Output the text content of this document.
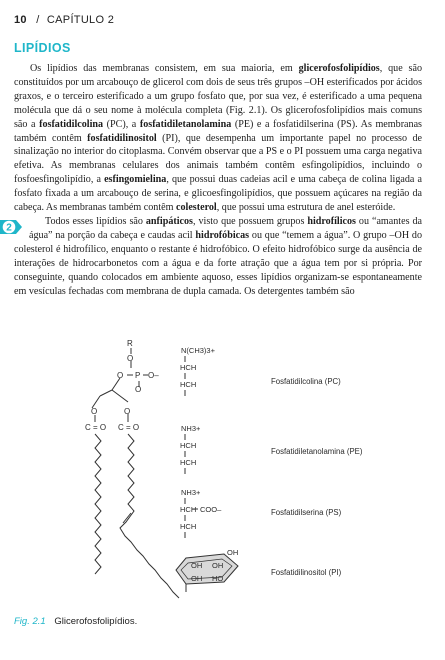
10 / CAPÍTULO 2
LIPÍDIOS

Os lipídios das membranas consistem, em sua maioria, em glicerofosfolipídios, que são constituídos por um arcabouço de glicerol com dois de seus três grupos –OH esterificados por ácidos graxos, e o terceiro esterificado a um grupo fosfato que, por sua vez, é esterificado a uma pequena molécula que dá o seu nome à molécula completa (Fig. 2.1). Os glicerofosfolipídios mais comuns são a fosfatidilcolina (PC), a fosfatidiletanolamina (PE) e a fosfatidilserina (PS). As membranas também contêm fosfatidilinositol (PI), que desempenha um importante papel no processo de sinalização no interior do citoplasma. Convém observar que a PS e o PI possuem uma carga negativa efetiva. As membranas celulares dos animais também contêm esfingolipídios, incluindo o fosfoesfingolipídio, a esfingomielina, que possui duas cadeias acil e uma cabeça de colina ligada a fosfato fixada a um arcabouço de serina, e glicoesfingolipídios, que possuem açúcares na região da cabeça. As membranas também contêm colesterol, que possui uma estrutura de anel esteróide.

2
Todos esses lipídios são anfipáticos, visto que possuem grupos hidrofílicos ou “amantes da água” na porção da cabeça e caudas acil hidrofóbicas ou que “temem a água”. O grupo –OH do colesterol é hidrofílico, enquanto o restante é hidrofóbico. O efeito hidrofóbico surge da ausência de interações de hidrocarbonetos com a água e da forte atração que a água tem por si própria. Por conseguinte, quando colocados em ambiente aquoso, esses lipídios organizam-se espontaneamente em vesículas fechadas com membrana de dupla camada. Os detergentes também são

R
O
O P O–
O
O	O
C = O C = O
N(CH3)3+
HCH
HCH	Fosfatidilcolina (PC)
NH3+
HCH
HCH
Fosfatidiletanolamina (PE)
NH3+
HCH COO–
HCH
Fosfatidilserina (PS)
OH
OH OH
OH HO
Fosfatidilinositol (PI)
Fig. 2.1 Glicerofosfolipídios.
